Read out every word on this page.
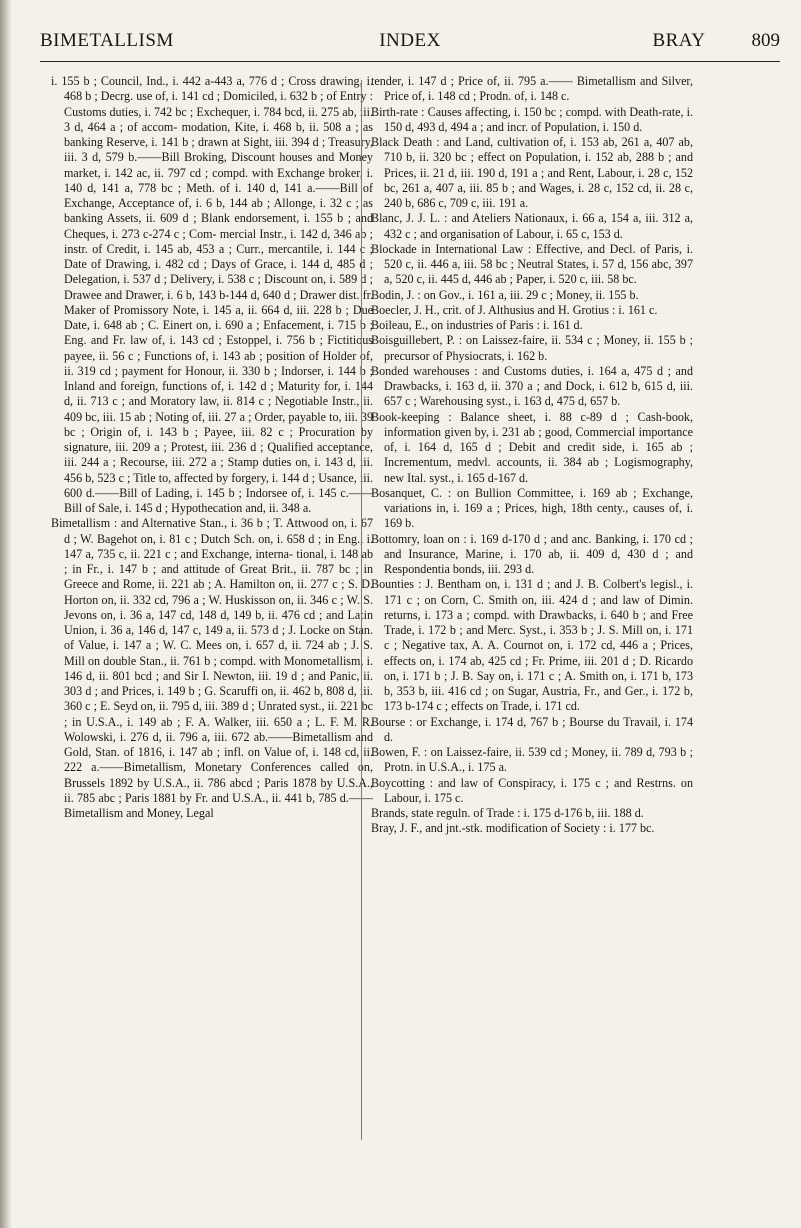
BIMETALLISM	INDEX	BRAY 809

i. 155 b ; Council, Ind., i. 442 a-443 a, 776 d ; Cross drawing, i. 468 b ; Decrg. use of, i. 141 cd ; Domiciled, i. 632 b ; of Entry : Customs duties, i. 742 bc ; Exchequer, i. 784 bcd, ii. 275 ab, iii. 3 d, 464 a ; of accom- modation, Kite, i. 468 b, ii. 508 a ; as banking Reserve, i. 141 b ; drawn at Sight, iii. 394 d ; Treasury, iii. 3 d, 579 b.——Bill Broking, Discount houses and Money market, i. 142 ac, ii. 797 cd ; compd. with Exchange broker, i. 140 d, 141 a, 778 bc ; Meth. of i. 140 d, 141 a.——Bill of Exchange, Acceptance of, i. 6 b, 144 ab ; Allonge, i. 32 c ; as banking Assets, ii. 609 d ; Blank endorsement, i. 155 b ; and Cheques, i. 273 c-274 c ; Com- mercial Instr., i. 142 d, 346 ab ; instr. of Credit, i. 145 ab, 453 a ; Curr., mercantile, i. 144 c ; Date of Drawing, i. 482 cd ; Days of Grace, i. 144 d, 485 d ; Delegation, i. 537 d ; Delivery, i. 538 c ; Discount on, i. 589 d ; Drawee and Drawer, i. 6 b, 143 b-144 d, 640 d ; Drawer dist. fr. Maker of Promissory Note, i. 145 a, ii. 664 d, iii. 228 b ; Due Date, i. 648 ab ; C. Einert on, i. 690 a ; Enfacement, i. 715 b ; Eng. and Fr. law of, i. 143 cd ; Estoppel, i. 756 b ; Fictitious payee, ii. 56 c ; Functions of, i. 143 ab ; position of Holder of, ii. 319 cd ; payment for Honour, ii. 330 b ; Indorser, i. 144 b ; Inland and foreign, functions of, i. 142 d ; Maturity for, i. 144 d, ii. 713 c ; and Moratory law, ii. 814 c ; Negotiable Instr., ii. 409 bc, iii. 15 ab ; Noting of, iii. 27 a ; Order, payable to, iii. 39 bc ; Origin of, i. 143 b ; Payee, iii. 82 c ; Procuration by signature, iii. 209 a ; Protest, iii. 236 d ; Qualified acceptance, iii. 244 a ; Recourse, iii. 272 a ; Stamp duties on, i. 143 d, iii. 456 b, 523 c ; Title to, affected by forgery, i. 144 d ; Usance, iii. 600 d.——Bill of Lading, i. 145 b ; Indorsee of, i. 145 c.——Bill of Sale, i. 145 d ; Hypothecation and, ii. 348 a.

Bimetallism : and Alternative Stan., i. 36 b ; T. Attwood on, i. 67 d ; W. Bagehot on, i. 81 c ; Dutch Sch. on, i. 658 d ; in Eng., i. 147 a, 735 c, ii. 221 c ; and Exchange, interna- tional, i. 148 ab ; in Fr., i. 147 b ; and attitude of Great Brit., ii. 787 bc ; in Greece and Rome, ii. 221 ab ; A. Hamilton on, ii. 277 c ; S. D. Horton on, ii. 332 cd, 796 a ; W. Huskisson on, ii. 346 c ; W. S. Jevons on, i. 36 a, 147 cd, 148 d, 149 b, ii. 476 cd ; and Latin Union, i. 36 a, 146 d, 147 c, 149 a, ii. 573 d ; J. Locke on Stan. of Value, i. 147 a ; W. C. Mees on, i. 657 d, ii. 724 ab ; J. S. Mill on double Stan., ii. 761 b ; compd. with Monometallism, i. 146 d, ii. 801 bcd ; and Sir I. Newton, iii. 19 d ; and Panic, ii. 303 d ; and Prices, i. 149 b ; G. Scaruffi on, ii. 462 b, 808 d, iii. 360 c ; E. Seyd on, ii. 795 d, iii. 389 d ; Unrated syst., ii. 221 bc ; in U.S.A., i. 149 ab ; F. A. Walker, iii. 650 a ; L. F. M. R. Wolowski, i. 276 d, ii. 796 a, iii. 672 ab.——Bimetallism and Gold, Stan. of 1816, i. 147 ab ; infl. on Value of, i. 148 cd, ii. 222 a.——Bimetallism, Monetary Conferences called on, Brussels 1892 by U.S.A., ii. 786 abcd ; Paris 1878 by U.S.A., ii. 785 abc ; Paris 1881 by Fr. and U.S.A., ii. 441 b, 785 d.——Bimetallism and Money, Legal

tender, i. 147 d ; Price of, ii. 795 a.—— Bimetallism and Silver, Price of, i. 148 cd ; Prodn. of, i. 148 c.

Birth-rate : Causes affecting, i. 150 bc ; compd. with Death-rate, i. 150 d, 493 d, 494 a ; and incr. of Population, i. 150 d.

Black Death : and Land, cultivation of, i. 153 ab, 261 a, 407 ab, 710 b, ii. 320 bc ; effect on Population, i. 152 ab, 288 b ; and Prices, ii. 21 d, iii. 190 d, 191 a ; and Rent, Labour, i. 28 c, 152 bc, 261 a, 407 a, iii. 85 b ; and Wages, i. 28 c, 152 cd, ii. 28 c, 240 b, 686 c, 709 c, iii. 191 a.

Blanc, J. J. L. : and Ateliers Nationaux, i. 66 a, 154 a, iii. 312 a, 432 c ; and organisation of Labour, i. 65 c, 153 d.

Blockade in International Law : Effective, and Decl. of Paris, i. 520 c, ii. 446 a, iii. 58 bc ; Neutral States, i. 57 d, 156 abc, 397 a, 520 c, ii. 445 d, 446 ab ; Paper, i. 520 c, iii. 58 bc.

Bodin, J. : on Gov., i. 161 a, iii. 29 c ; Money, ii. 155 b.

Boecler, J. H., crit. of J. Althusius and H. Grotius : i. 161 c.

Boileau, E., on industries of Paris : i. 161 d.

Boisguillebert, P. : on Laissez-faire, ii. 534 c ; Money, ii. 155 b ; precursor of Physiocrats, i. 162 b.

Bonded warehouses : and Customs duties, i. 164 a, 475 d ; and Drawbacks, i. 163 d, ii. 370 a ; and Dock, i. 612 b, 615 d, iii. 657 c ; Warehousing syst., i. 163 d, 475 d, 657 b.

Book-keeping : Balance sheet, i. 88 c-89 d ; Cash-book, information given by, i. 231 ab ; good, Commercial importance of, i. 164 d, 165 d ; Debit and credit side, i. 165 ab ; Incrementum, medvl. accounts, ii. 384 ab ; Logismography, new Ital. syst., i. 165 d-167 d.

Bosanquet, C. : on Bullion Committee, i. 169 ab ; Exchange, variations in, i. 169 a ; Prices, high, 18th centy., causes of, i. 169 b.

Bottomry, loan on : i. 169 d-170 d ; and anc. Banking, i. 170 cd ; and Insurance, Marine, i. 170 ab, ii. 409 d, 430 d ; and Respondentia bonds, iii. 293 d.

Bounties : J. Bentham on, i. 131 d ; and J. B. Colbert's legisl., i. 171 c ; on Corn, C. Smith on, iii. 424 d ; and law of Dimin. returns, i. 173 a ; compd. with Drawbacks, i. 640 b ; and Free Trade, i. 172 b ; and Merc. Syst., i. 353 b ; J. S. Mill on, i. 171 c ; Negative tax, A. A. Cournot on, i. 172 cd, 446 a ; Prices, effects on, i. 174 ab, 425 cd ; Fr. Prime, iii. 201 d ; D. Ricardo on, i. 171 b ; J. B. Say on, i. 171 c ; A. Smith on, i. 171 b, 173 b, 353 b, iii. 416 cd ; on Sugar, Austria, Fr., and Ger., i. 172 b, 173 b-174 c ; effects on Trade, i. 171 cd.

Bourse : or Exchange, i. 174 d, 767 b ; Bourse du Travail, i. 174 d.

Bowen, F. : on Laissez-faire, ii. 539 cd ; Money, ii. 789 d, 793 b ; Protn. in U.S.A., i. 175 a.

Boycotting : and law of Conspiracy, i. 175 c ; and Restrns. on Labour, i. 175 c.

Brands, state reguln. of Trade : i. 175 d-176 b, iii. 188 d.

Bray, J. F., and jnt.-stk. modification of Society : i. 177 bc.
